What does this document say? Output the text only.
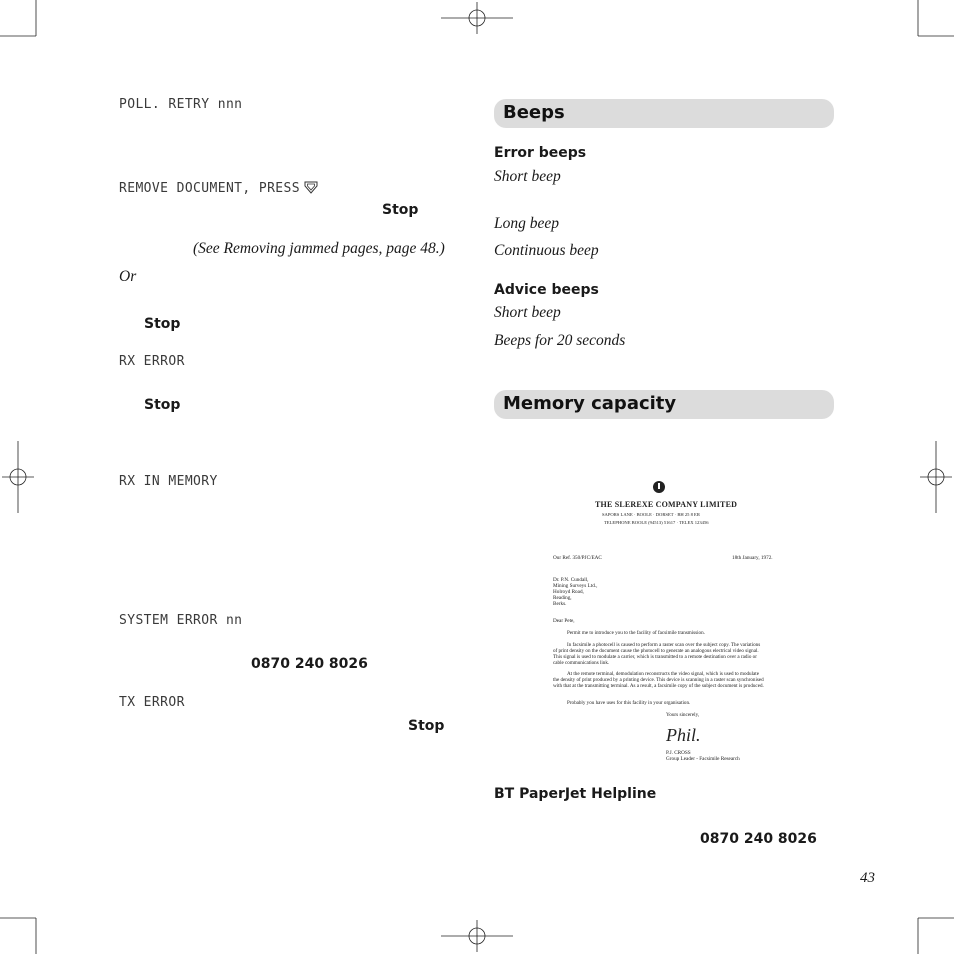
POLL. RETRY nnn
REMOVE DOCUMENT, PRESS
Stop
(See Removing jammed pages, page 48.)
Or
Stop
RX ERROR
Stop
RX IN MEMORY
SYSTEM ERROR nn
0870 240 8026
TX ERROR
Stop
Beeps
Error beeps
Short beep
Long beep
Continuous beep
Advice beeps
Short beep
Beeps for 20 seconds
Memory capacity
THE SLEREXE COMPANY LIMITED
SAPORS LANE · BOOLE · DORSET · BH 25 8 ER
TELEPHONE BOOLE (94513) 51617 · TELEX 123456
Our Ref. 350/PJC/EAC	18th January, 1972.
Dr. P.N. Cundall,
Mining Surveys Ltd.,
Holroyd Road,
Reading,
Berks.
Dear Pete,
Permit me to introduce you to the facility of facsimile transmission.
In facsimile a photocell is caused to perform a raster scan over the subject copy. The variations of print density on the document cause the photocell to generate an analogous electrical video signal. This signal is used to modulate a carrier, which is transmitted to a remote destination over a radio or cable communications link.
At the remote terminal, demodulation reconstructs the video signal, which is used to modulate the density of print produced by a printing device. This device is scanning in a raster scan synchronised with that at the transmitting terminal. As a result, a facsimile copy of the subject document is produced.
Probably you have uses for this facility in your organisation.
Yours sincerely,
Phil.
P.J. CROSS
Group Leader - Facsimile Research
BT PaperJet Helpline
0870 240 8026
43
